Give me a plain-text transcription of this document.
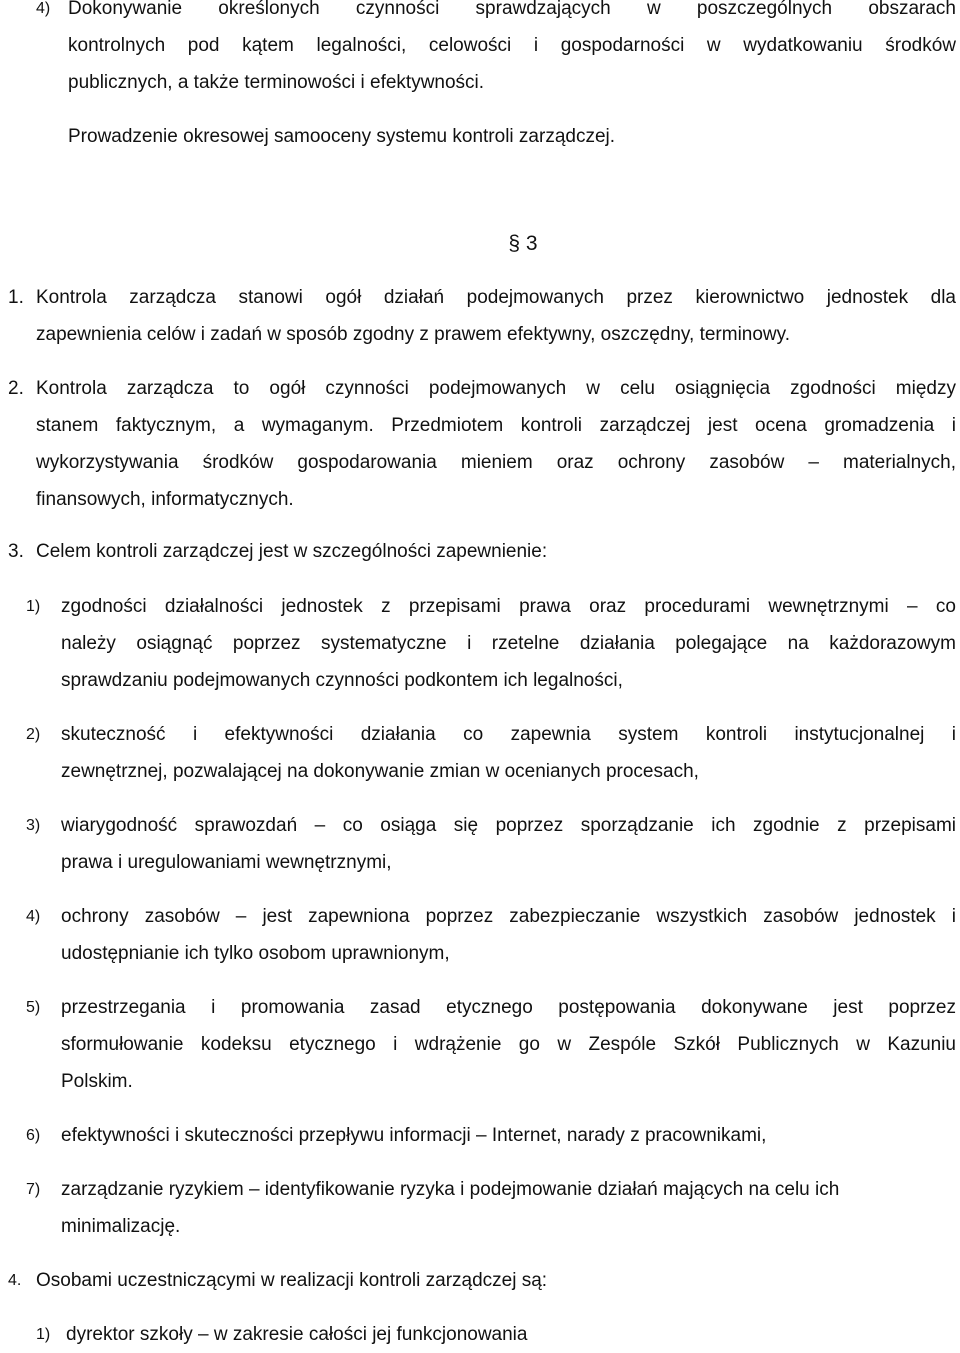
4) Dokonywanie określonych czynności sprawdzających w poszczególnych obszarach
kontrolnych pod kątem legalności, celowości i gospodarności w wydatkowaniu środków
publicznych, a także terminowości i efektywności.
Prowadzenie okresowej samooceny systemu kontroli zarządczej.
§ 3
1. Kontrola zarządcza stanowi ogół działań podejmowanych przez kierownictwo jednostek dla
zapewnienia celów i zadań w sposób zgodny z prawem efektywny, oszczędny, terminowy.
2. Kontrola zarządcza to ogół czynności podejmowanych w celu osiągnięcia zgodności między
stanem faktycznym, a wymaganym. Przedmiotem kontroli zarządczej jest ocena gromadzenia i
wykorzystywania środków gospodarowania mieniem oraz ochrony zasobów – materialnych,
finansowych, informatycznych.
3. Celem kontroli zarządczej jest w szczególności zapewnienie:
1) zgodności działalności jednostek z przepisami prawa oraz procedurami wewnętrznymi – co
należy osiągnąć poprzez systematyczne i rzetelne działania polegające na każdorazowym
sprawdzaniu podejmowanych czynności podkontem ich legalności,
2) skuteczność i efektywności działania co zapewnia system kontroli instytucjonalnej i
zewnętrznej, pozwalającej na dokonywanie zmian w ocenianych procesach,
3) wiarygodność sprawozdań – co osiąga się poprzez sporządzanie ich zgodnie z przepisami
prawa i uregulowaniami wewnętrznymi,
4) ochrony zasobów – jest zapewniona poprzez zabezpieczanie wszystkich zasobów jednostek i
udostępnianie ich tylko osobom uprawnionym,
5) przestrzegania i promowania zasad etycznego postępowania dokonywane jest poprzez
sformułowanie kodeksu etycznego i wdrążenie go w Zespóle Szkół Publicznych w Kazuniu
Polskim.
6) efektywności i skuteczności przepływu informacji – Internet, narady z pracownikami,
7) zarządzanie ryzykiem – identyfikowanie ryzyka i podejmowanie działań mających na celu ich
minimalizację.
4. Osobami uczestniczącymi w realizacji kontroli zarządczej są:
1) dyrektor szkoły – w zakresie całości jej funkcjonowania
